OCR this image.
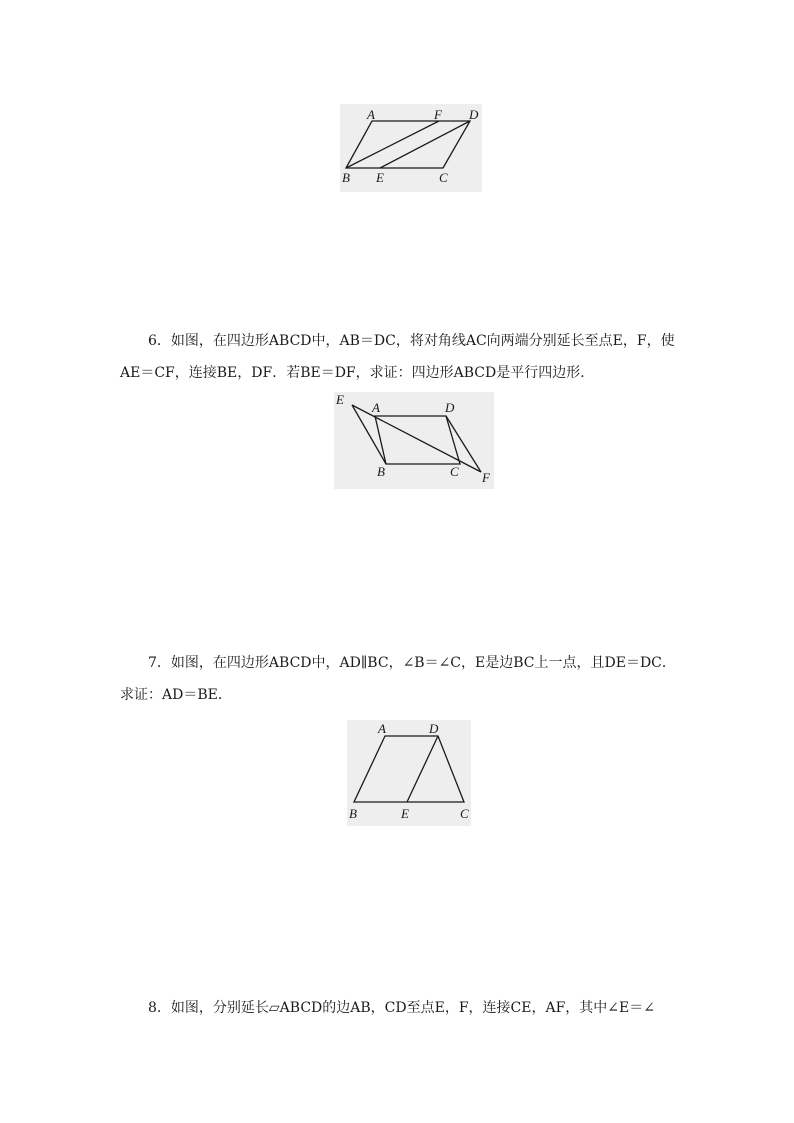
A	F D
B E	C

6．如图，在四边形ABCD中，AB＝DC，将对角线AC向两端分别延长至点E，F，使AE＝CF，连接BE，DF．若BE＝DF，求证：四边形ABCD是平行四边形．

E
A	D
B	C F

7．如图，在四边形ABCD中，AD∥BC，∠B＝∠C，E是边BC上一点，且DE＝DC．求证：AD＝BE．

A	D
B	E	C

8．如图，分别延长▱ABCD的边AB，CD至点E，F，连接CE，AF，其中∠E＝∠
